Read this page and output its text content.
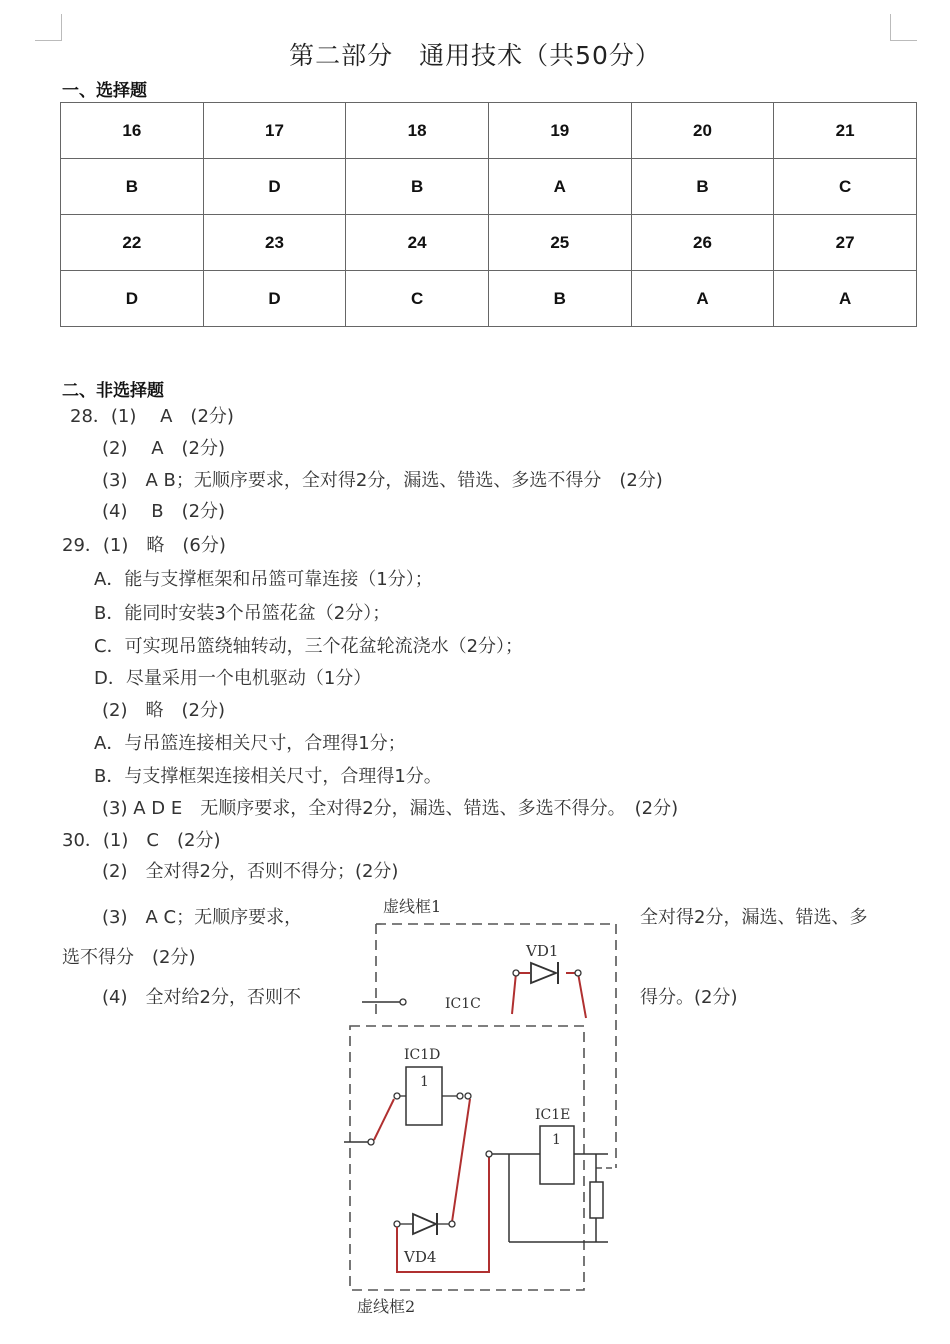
第二部分　通用技术（共50分）
一、选择题
16	17	18	19	20	21
B	D	B	A	B	C
22	23	24	25	26	27
D	D	C	B	A	A
二、非选择题
28．(1)　 A　(2分)
(2)　 A　(2分)
(3)　A B；无顺序要求，全对得2分，漏选、错选、多选不得分　(2分)
(4)　 B　(2分)
29．(1)　略　(6分)
A．能与支撑框架和吊篮可靠连接（1分）；
B．能同时安装3个吊篮花盆（2分）；
C．可实现吊篮绕轴转动，三个花盆轮流浇水（2分）；
D．尽量采用一个电机驱动（1分）
(2)　略　(2分)
A．与吊篮连接相关尺寸，合理得1分；
B．与支撑框架连接相关尺寸，合理得1分。
(3) A D E　无顺序要求，全对得2分，漏选、错选、多选不得分。　(2分)
30．(1)　C　(2分)
(2)　全对得2分，否则不得分；(2分)
(3)　A C；无顺序要求，	全对得2分，漏选、错选、多
选不得分　(2分)
(4)　全对给2分，否则不	得分。(2分)
虚线框1
虚线框2
IC1C
VD1
IC1D
1
VD4
IC1E
1
